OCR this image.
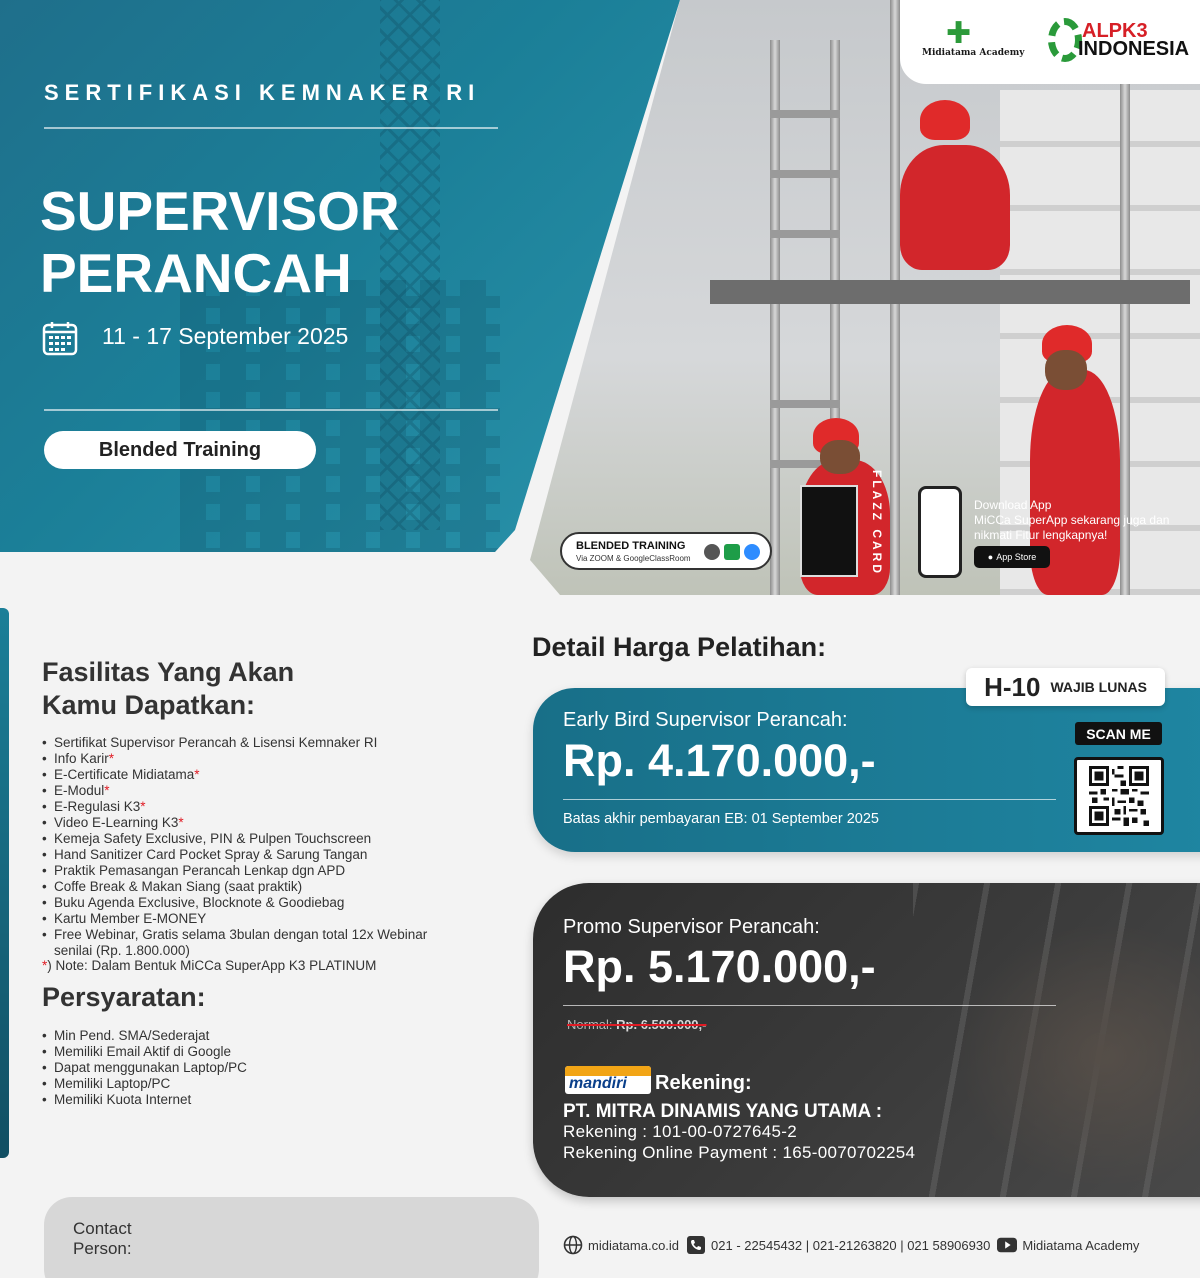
SERTIFIKASI KEMNAKER RI
SUPERVISOR
PERANCAH
11 - 17 September 2025
Blended Training
✚
Midiatama Academy
ALPK3
INDONESIA
BLENDED TRAINING
Via ZOOM & GoogleClassRoom	FLAZZ CARD	Download App
MiCCa SuperApp sekarang juga dan nikmati Fitur lengkapnya!
● App Store
Fasilitas Yang Akan Kamu Dapatkan:
• Sertifikat Supervisor Perancah & Lisensi Kemnaker RI
• Info Karir*
• E-Certificate Midiatama*
• E-Modul*
• E-Regulasi K3*
• Video E-Learning K3*
• Kemeja Safety Exclusive, PIN & Pulpen Touchscreen
• Hand Sanitizer Card Pocket Spray & Sarung Tangan
• Praktik Pemasangan Perancah Lenkap dgn APD
• Coffe Break & Makan Siang (saat praktik)
• Buku Agenda Exclusive, Blocknote & Goodiebag
• Kartu Member E-MONEY
• Free Webinar, Gratis selama 3bulan dengan total 12x Webinar senilai (Rp. 1.800.000)
*) Note: Dalam Bentuk MiCCa SuperApp K3 PLATINUM
Persyaratan:
• Min Pend. SMA/Sederajat
• Memiliki Email Aktif di Google
• Dapat menggunakan Laptop/PC
• Memiliki Laptop/PC
• Memiliki Kuota Internet
Contact Person:
Detail Harga Pelatihan:
Early Bird Supervisor Perancah:
Rp. 4.170.000,-
Batas akhir pembayaran EB: 01 September 2025
H-10 WAJIB LUNAS
SCAN ME
Promo Supervisor Perancah:
Rp. 5.170.000,-
Normal: Rp. 6.500.000,-
mandiri Rekening:
PT. MITRA DINAMIS YANG UTAMA :
Rekening : 101-00-0727645-2
Rekening Online Payment : 165-0070702254
midiatama.co.id 021 - 22545432 | 021-21263820 | 021 58906930 Midiatama Academy
